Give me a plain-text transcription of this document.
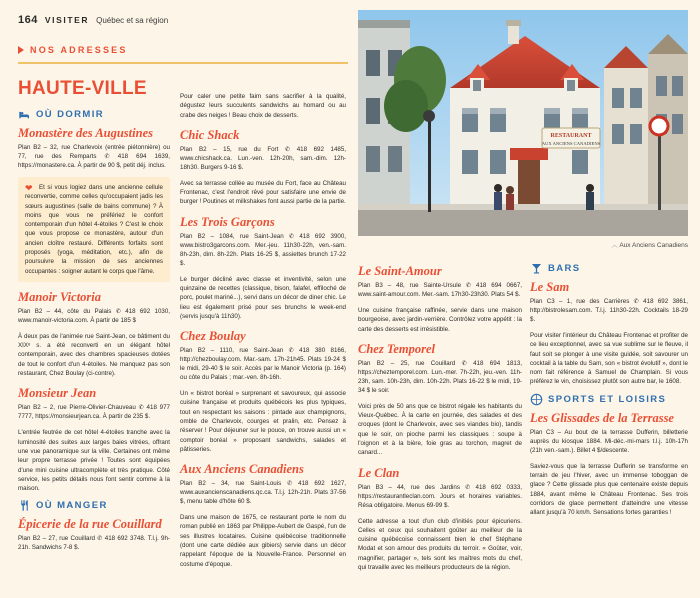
164 VISITER Québec et sa région
NOS ADRESSES
RESTAURANT
AUX ANCIENS CANADIENS
︿ Aux Anciens Canadiens
HAUTE-VILLE
OÙ DORMIR
Monastère des Augustines

Plan B2 – 32, rue Charlevoix (entrée piétonnière) ou 77, rue des Remparts ✆ 418 694 1639, https://monastere.ca. À partir de 90 $, petit déj. inclus.

❤	Et si vous logiez dans une ancienne cellule reconvertie, comme celles qu'occupaient jadis les sœurs augustines (salle de bains commune) ? À moins que vous ne préfériez le confort contemporain d'un hôtel 4-étoiles ? C'est le choix que vous propose ce monastère, autour d'un ancien cloître restauré. Différents forfaits sont proposés (yoga, méditation, etc.), afin de poursuivre la mission de ses anciennes occupantes : soigner autant le corps que l'âme.

Manoir Victoria

Plan B2 – 44, côte du Palais ✆ 418 692 1030, www.manoir-victoria.com. À partir de 185 $

À deux pas de l'animée rue Saint-Jean, ce bâtiment du XIXᵉ s. a été reconverti en un élégant hôtel contemporain, avec des chambres spacieuses dotées de tout le confort d'un 4-étoiles. Ne manquez pas son restaurant, Chez Boulay (ci-contre).

Monsieur Jean

Plan B2 – 2, rue Pierre-Olivier-Chauveau ✆ 418 977 7777, https://monsieurjean.ca. À partir de 235 $.

L'entrée feutrée de cet hôtel 4-étoiles tranche avec la luminosité des suites aux larges baies vitrées, offrant une vue panoramique sur la ville. Certaines ont même leur propre terrasse privée ! Toutes sont équipées d'une mini cuisine ultracomplète et très pratique. Côté service, les petits détails nous font sentir comme à la maison.

OÙ MANGER
Épicerie de la rue Couillard

Plan B2 – 27, rue Couillard ✆ 418 692 3748. T.l.j. 9h-21h. Sandwichs 7-8 $.

Pour caler une petite faim sans sacrifier à la qualité, dégustez leurs succulents sandwichs au homard ou au crabe des neiges ! Beau choix de desserts.

Chic Shack

Plan B2 – 15, rue du Fort ✆ 418 692 1485, www.chicshack.ca. Lun.-ven. 12h-20h, sam.-dim. 12h-18h30. Burgers 9-16 $.

Avec sa terrasse collée au musée du Fort, face au Château Frontenac, c'est l'endroit rêvé pour satisfaire une envie de burger ! Poutines et milkshakes font aussi partie de la partie.

Les Trois Garçons

Plan B2 – 1084, rue Saint-Jean ✆ 418 692 3900, www.bistro3garcons.com. Mer.-jeu. 11h30-22h, ven.-sam. 8h-23h, dim. 8h-22h. Plats 16-25 $, assiettes brunch 17-22 $.

Le burger décliné avec classe et inventivité, selon une quinzaine de recettes (classique, bison, falafel, effiloché de porc, poulet mariné...), servi dans un décor de diner chic. Le lieu est également prisé pour ses brunchs le week-end (servis jusqu'à 11h30).

Chez Boulay

Plan B2 – 1110, rue Saint-Jean ✆ 418 380 8166, http://chezboulay.com. Mar.-sam. 17h-21h45. Plats 19-24 $ le midi, 29-40 $ le soir. Accès par le Manoir Victoria (p. 164) ou côte du Palais ; mar.-ven. 8h-16h.

Un « bistrot boréal » surprenant et savoureux, qui associe cuisine française et produits québécois les plus typiques, tout en respectant les saisons : pintade aux champignons, omble de Charlevoix, courges et pralin, etc. Pensez à réserver ! Pour déjeuner sur le pouce, on trouve aussi un « comptoir boréal » proposant sandwichs, salades et pâtisseries.

Aux Anciens Canadiens

Plan B2 – 34, rue Saint-Louis ✆ 418 692 1627, www.auxancienscanadiens.qc.ca. T.l.j. 12h-21h. Plats 37-56 $, menu table d'hôte 60 $.

Dans une maison de 1675, ce restaurant porte le nom du roman publié en 1863 par Philippe-Aubert de Gaspé, l'un de ses illustres locataires. Cuisine québécoise traditionnelle (dont une carte dédiée aux gibiers) servie dans un décor rappelant l'époque de la Nouvelle-France. Personnel en costume d'époque.

Le Saint-Amour

Plan B3 – 48, rue Sainte-Ursule ✆ 418 694 0667, www.saint-amour.com. Mer.-sam. 17h30-23h30. Plats 54 $.

Une cuisine française raffinée, servie dans une maison bourgeoise, avec jardin-verrière. Contrôlez votre appétit : la carte des desserts est irrésistible.

Chez Temporel

Plan B2 – 25, rue Couillard ✆ 418 694 1813, https://cheztemporel.com. Lun.-mer. 7h-22h, jeu.-ven. 11h-23h, sam. 10h-23h, dim. 10h-22h. Plats 16-22 $ le midi, 19-34 $ le soir.

Voici près de 50 ans que ce bistrot régale les habitants du Vieux-Québec. À la carte en journée, des salades et des croques (dont le Charlevoix, avec ses viandes bio), tandis que le soir, on pioche parmi les classiques : soupe à l'oignon et à la bière, foie gras au torchon, magret de canard...

Le Clan

Plan B3 – 44, rue des Jardins ✆ 418 692 0333, https://restaurantleclan.com. Jours et horaires variables. Résa obligatoire. Menus 69-99 $.

Cette adresse a tout d'un club d'initiés pour épicuriens. Celles et ceux qui souhaitent goûter au meilleur de la cuisine québécoise connaissent bien le chef Stéphane Modat et son amour des produits du terroir. « Goûter, voir, magnifier, partager », tels sont les maîtres mots du chef, qui travaille avec les meilleurs producteurs de la région.

BARS
Le Sam

Plan C3 – 1, rue des Carrières ✆ 418 692 3861, http://bistrolesam.com. T.l.j. 11h30-22h. Cocktails 18-29 $.

Pour visiter l'intérieur du Château Frontenac et profiter de ce lieu exceptionnel, avec sa vue sublime sur le fleuve, il faut soit se plonger à une visite guidée, soit savourer un cocktail à la table du Sam, son « bistrot évolutif », dont le nom fait référence à Samuel de Champlain. Si vous préférez le vin, choisissez plutôt son autre bar, le 1608.

SPORTS ET LOISIRS
Les Glissades de la Terrasse

Plan C3 – Au bout de la terrasse Dufferin, billetterie auprès du kiosque 1884. Mi-déc.-mi-mars t.l.j. 10h-17h (21h ven.-sam.). Billet 4 $/descente.

Saviez-vous que la terrasse Dufferin se transforme en terrain de jeu l'hiver, avec un immense toboggan de glace ? Cette glissade plus que centenaire existe depuis 1884, avant même le Château Frontenac. Ses trois corridors de glace permettent d'atteindre une vitesse allant jusqu'à 70 km/h. Sensations fortes garanties !
